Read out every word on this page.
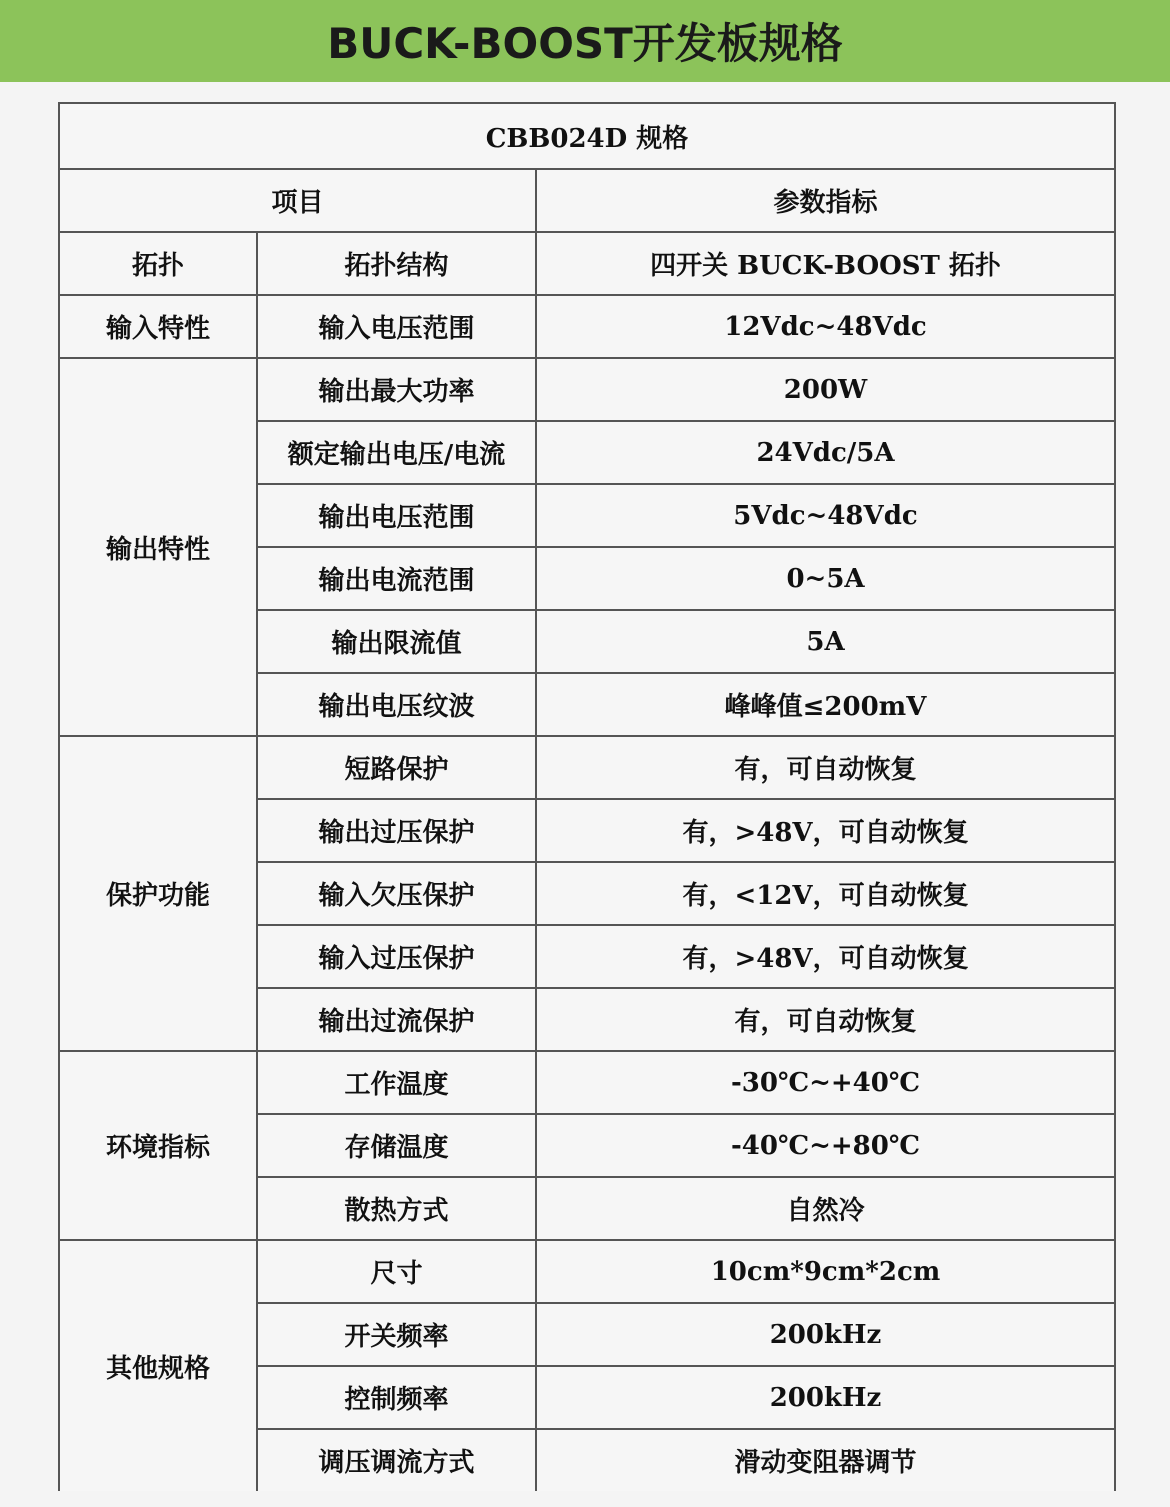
BUCK-BOOST开发板规格
CBB024D 规格		
项目		参数指标
拓扑	拓扑结构	四开关 BUCK-BOOST 拓扑
输入特性	输入电压范围	12Vdc~48Vdc
输出特性	输出最大功率	200W
	额定输出电压/电流	24Vdc/5A
	输出电压范围	5Vdc~48Vdc
	输出电流范围	0~5A
	输出限流值	5A
	输出电压纹波	峰峰值≤200mV
保护功能	短路保护	有，可自动恢复
	输出过压保护	有，>48V，可自动恢复
	输入欠压保护	有，<12V，可自动恢复
	输入过压保护	有，>48V，可自动恢复
	输出过流保护	有，可自动恢复
环境指标	工作温度	-30℃~+40℃
	存储温度	-40℃~+80℃
	散热方式	自然冷
其他规格	尺寸	10cm*9cm*2cm
	开关频率	200kHz
	控制频率	200kHz
	调压调流方式	滑动变阻器调节
